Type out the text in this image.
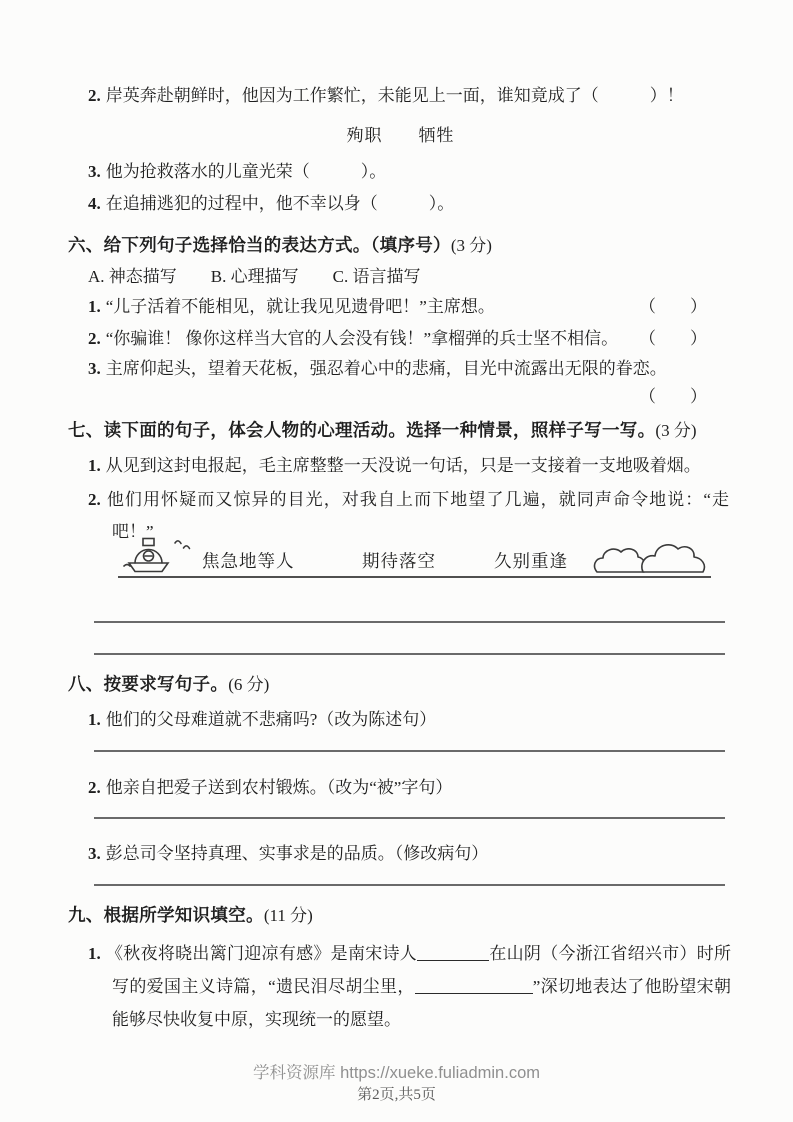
2. 岸英奔赴朝鲜时，他因为工作繁忙，未能见上一面，谁知竟成了（　　　）！
殉职　　牺牲
3. 他为抢救落水的儿童光荣（　　　）。
4. 在追捕逃犯的过程中，他不幸以身（　　　）。
六、给下列句子选择恰当的表达方式。（填序号）(3 分)
A. 神态描写　　B. 心理描写　　C. 语言描写
1. “儿子活着不能相见，就让我见见遗骨吧！”主席想。	（　　）
2. “你骗谁！ 像你这样当大官的人会没有钱！”拿榴弹的兵士坚不相信。	（　　）
3. 主席仰起头，望着天花板，强忍着心中的悲痛，目光中流露出无限的眷恋。
（　　）
七、读下面的句子，体会人物的心理活动。选择一种情景，照样子写一写。(3 分)
1. 从见到这封电报起，毛主席整整一天没说一句话，只是一支接着一支地吸着烟。
2. 他们用怀疑而又惊异的目光，对我自上而下地望了几遍，就同声命令地说：“走吧！”
焦急地等人	期待落空	久别重逢
八、按要求写句子。(6 分)
1. 他们的父母难道就不悲痛吗?（改为陈述句）
2. 他亲自把爱子送到农村锻炼。（改为“被”字句）
3. 彭总司令坚持真理、实事求是的品质。（修改病句）
九、根据所学知识填空。(11 分)
1. 《秋夜将晓出篱门迎凉有感》是南宋诗人	在山阴（今浙江省绍兴市）时所写的爱国主义诗篇，“遗民泪尽胡尘里，	”深切地表达了他盼望宋朝能够尽快收复中原，实现统一的愿望。
学科资源库 https://xueke.fuliadmin.com
第2页,共5页
